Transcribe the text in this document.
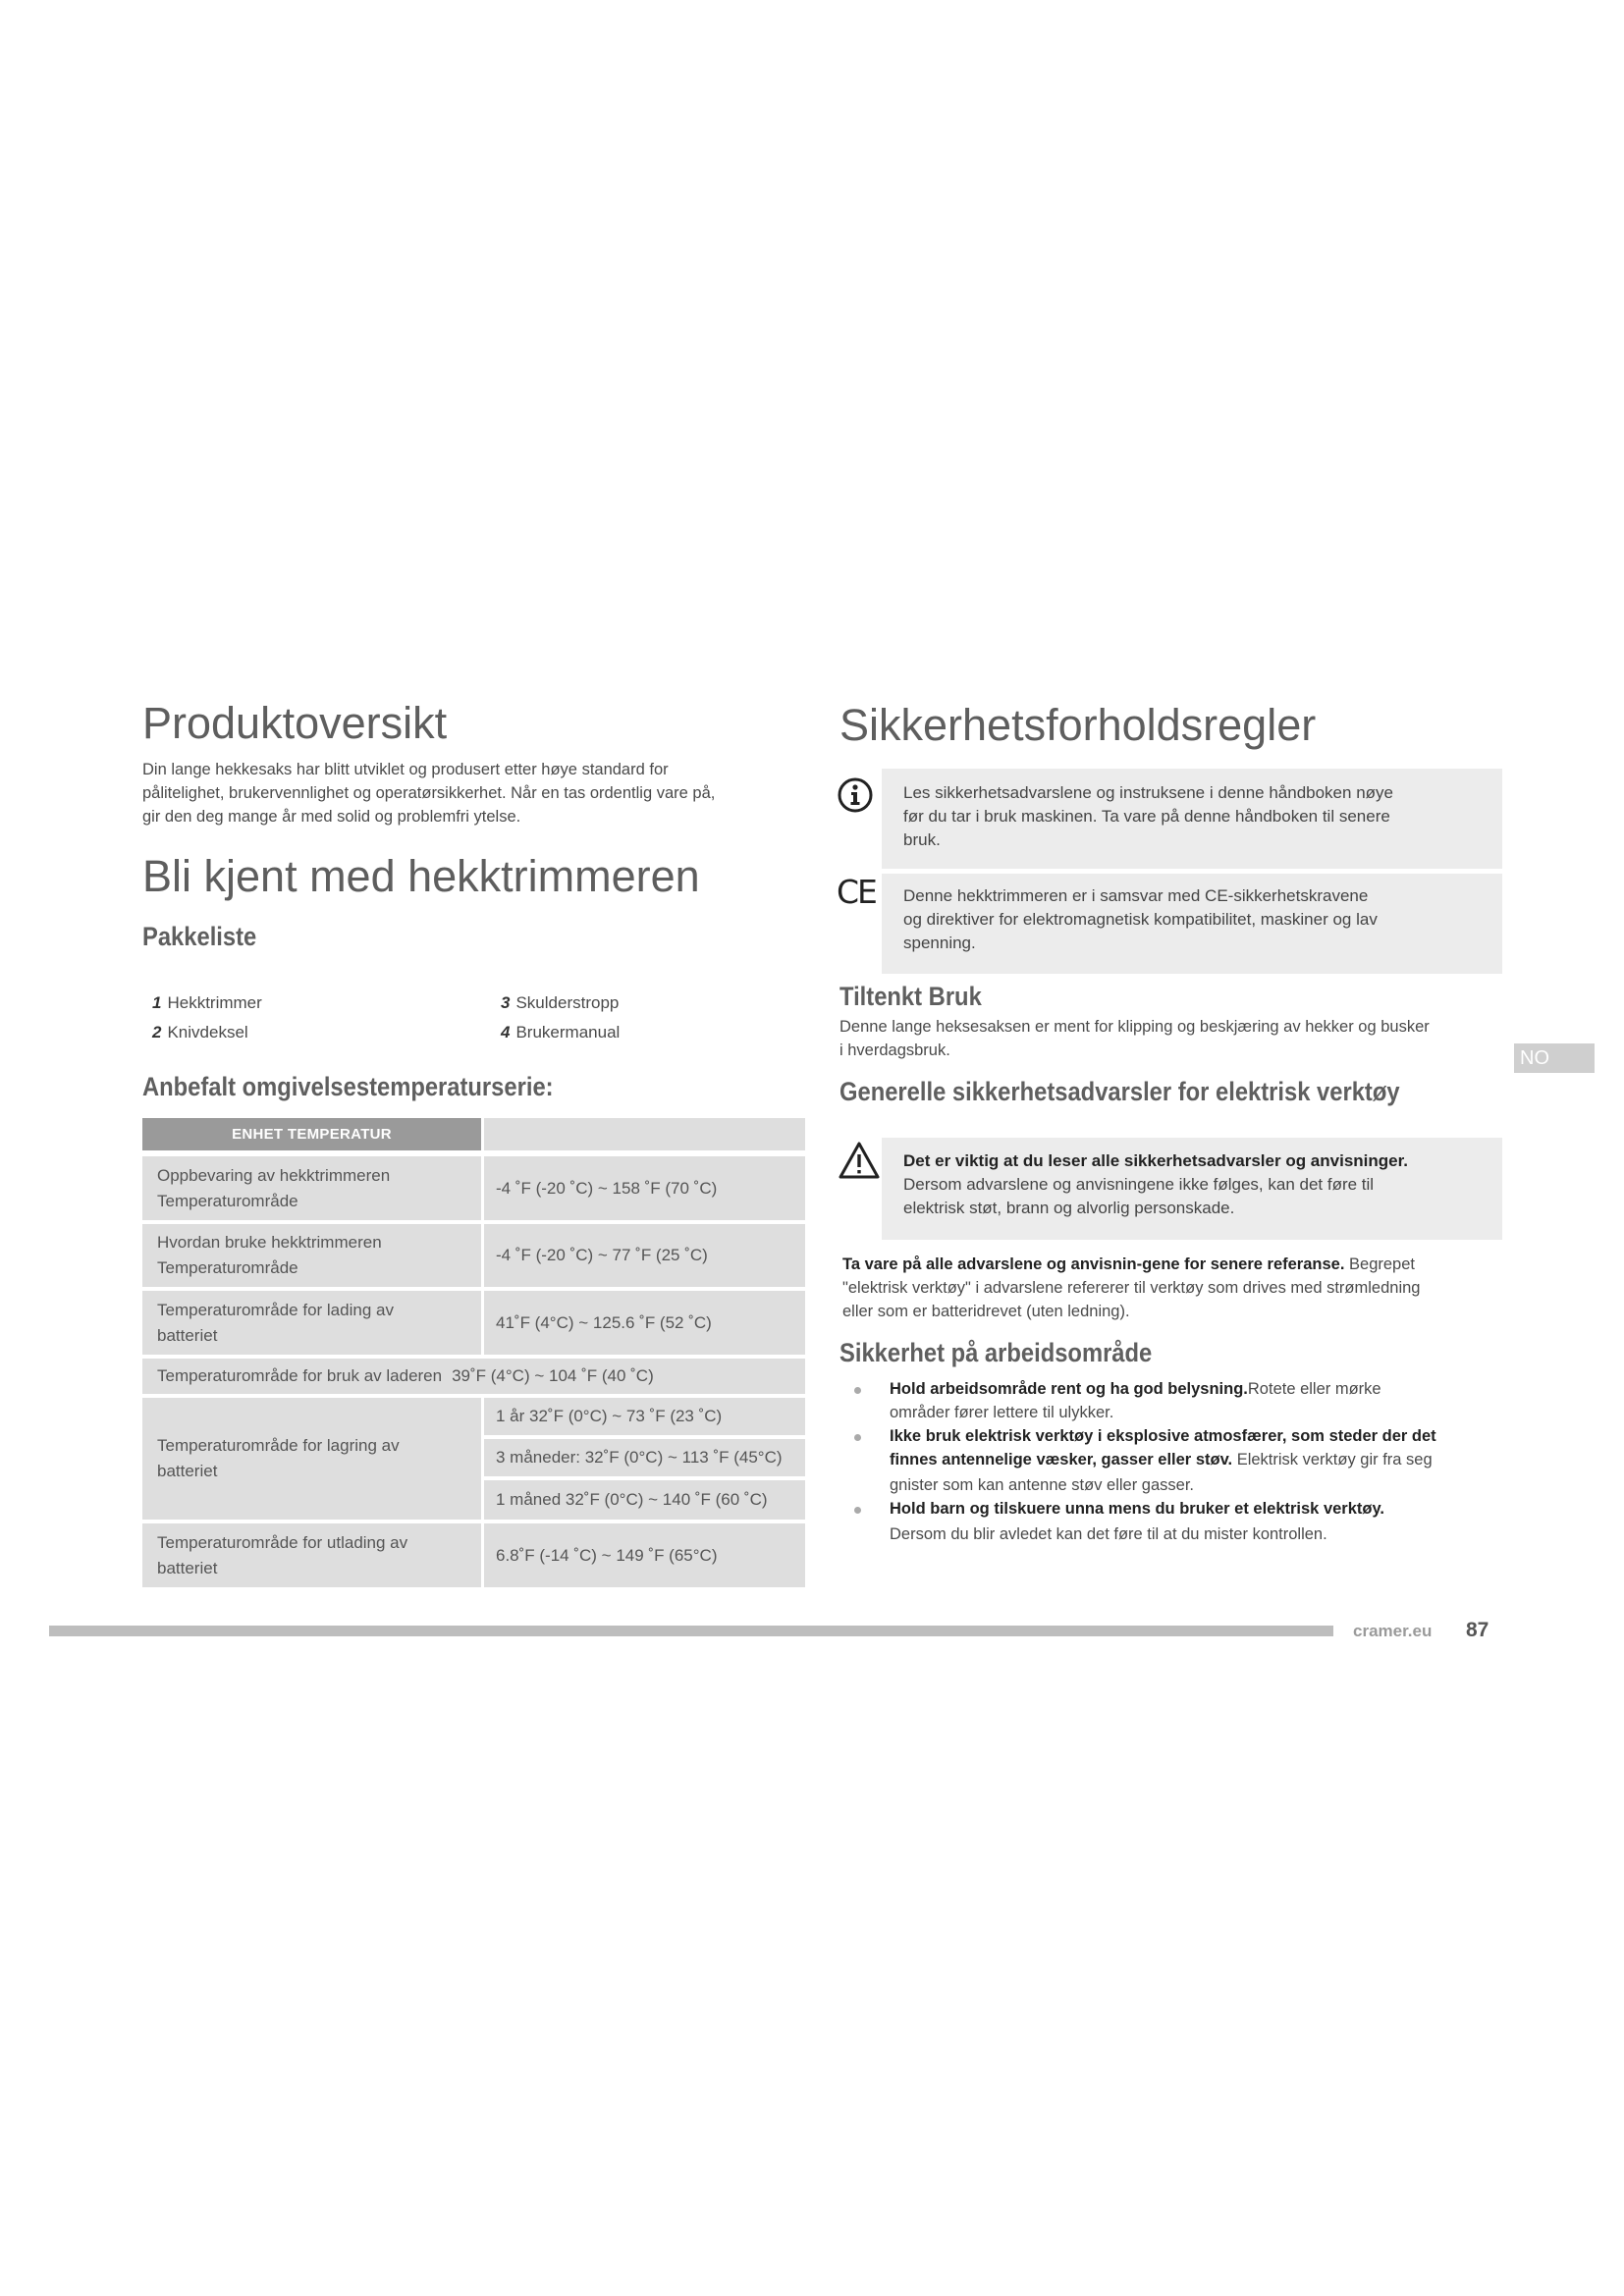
Produktoversikt

Din lange hekkesaks har blitt utviklet og produsert etter høye standard for

pålitelighet, brukervennlighet og operatørsikkerhet. Når en tas ordentlig vare på,

gir den deg mange år med solid og problemfri ytelse.

Bli kjent med hekktrimmeren
Pakkeliste
1 Hekktrimmer
2 Knivdeksel
3 Skulderstropp
4 Brukermanual
Anbefalt omgivelsestemperaturserie:
ENHET TEMPERATUR
Oppbevaring av hekktrimmeren
Temperaturområde
-4 ˚F (-20 ˚C) ~ 158 ˚F (70 ˚C)
Hvordan bruke hekktrimmeren
Temperaturområde
-4 ˚F (-20 ˚C) ~ 77 ˚F (25 ˚C)
Temperaturområde for lading av
batteriet
41˚F (4°C) ~ 125.6 ˚F (52 ˚C)
Temperaturområde for bruk av laderen 39˚F (4°C) ~ 104 ˚F (40 ˚C)
Temperaturområde for lagring av
batteriet
1 år 32˚F (0°C) ~ 73 ˚F (23 ˚C)
3 måneder: 32˚F (0°C) ~ 113 ˚F (45°C)
1 måned 32˚F (0°C) ~ 140 ˚F (60 ˚C)
Temperaturområde for utlading av
batteriet
6.8˚F (-14 ˚C) ~ 149 ˚F (65°C)
Sikkerhetsforholdsregler
Les sikkerhetsadvarslene og instruksene i denne håndboken nøye
før du tar i bruk maskinen. Ta vare på denne håndboken til senere
bruk.
Denne hekktrimmeren er i samsvar med CE-sikkerhetskravene
og direktiver for elektromagnetisk kompatibilitet, maskiner og lav
spenning.
CE
Tiltenkt Bruk

Denne lange heksesaksen er ment for klipping og beskjæring av hekker og busker

i hverdagsbruk.

Generelle sikkerhetsadvarsler for elektrisk verktøy
Det er viktig at du leser alle sikkerhetsadvarsler og anvisninger.
Dersom advarslene og anvisningene ikke følges, kan det føre til
elektrisk støt, brann og alvorlig personskade.

Ta vare på alle advarslene og anvisnin-gene for senere referanse. Begrepet

"elektrisk verktøy" i advarslene refererer til verktøy som drives med strømledning

eller som er batteridrevet (uten ledning).

Sikkerhet på arbeidsområde

Hold arbeidsområde rent og ha god belysning.Rotete eller mørke

områder fører lettere til ulykker.

Ikke bruk elektrisk verktøy i eksplosive atmosfærer, som steder der det

finnes antennelige væsker, gasser eller støv. Elektrisk verktøy gir fra seg

gnister som kan antenne støv eller gasser.

Hold barn og tilskuere unna mens du bruker et elektrisk verktøy.

Dersom du blir avledet kan det føre til at du mister kontrollen.

NO
cramer.eu 87
